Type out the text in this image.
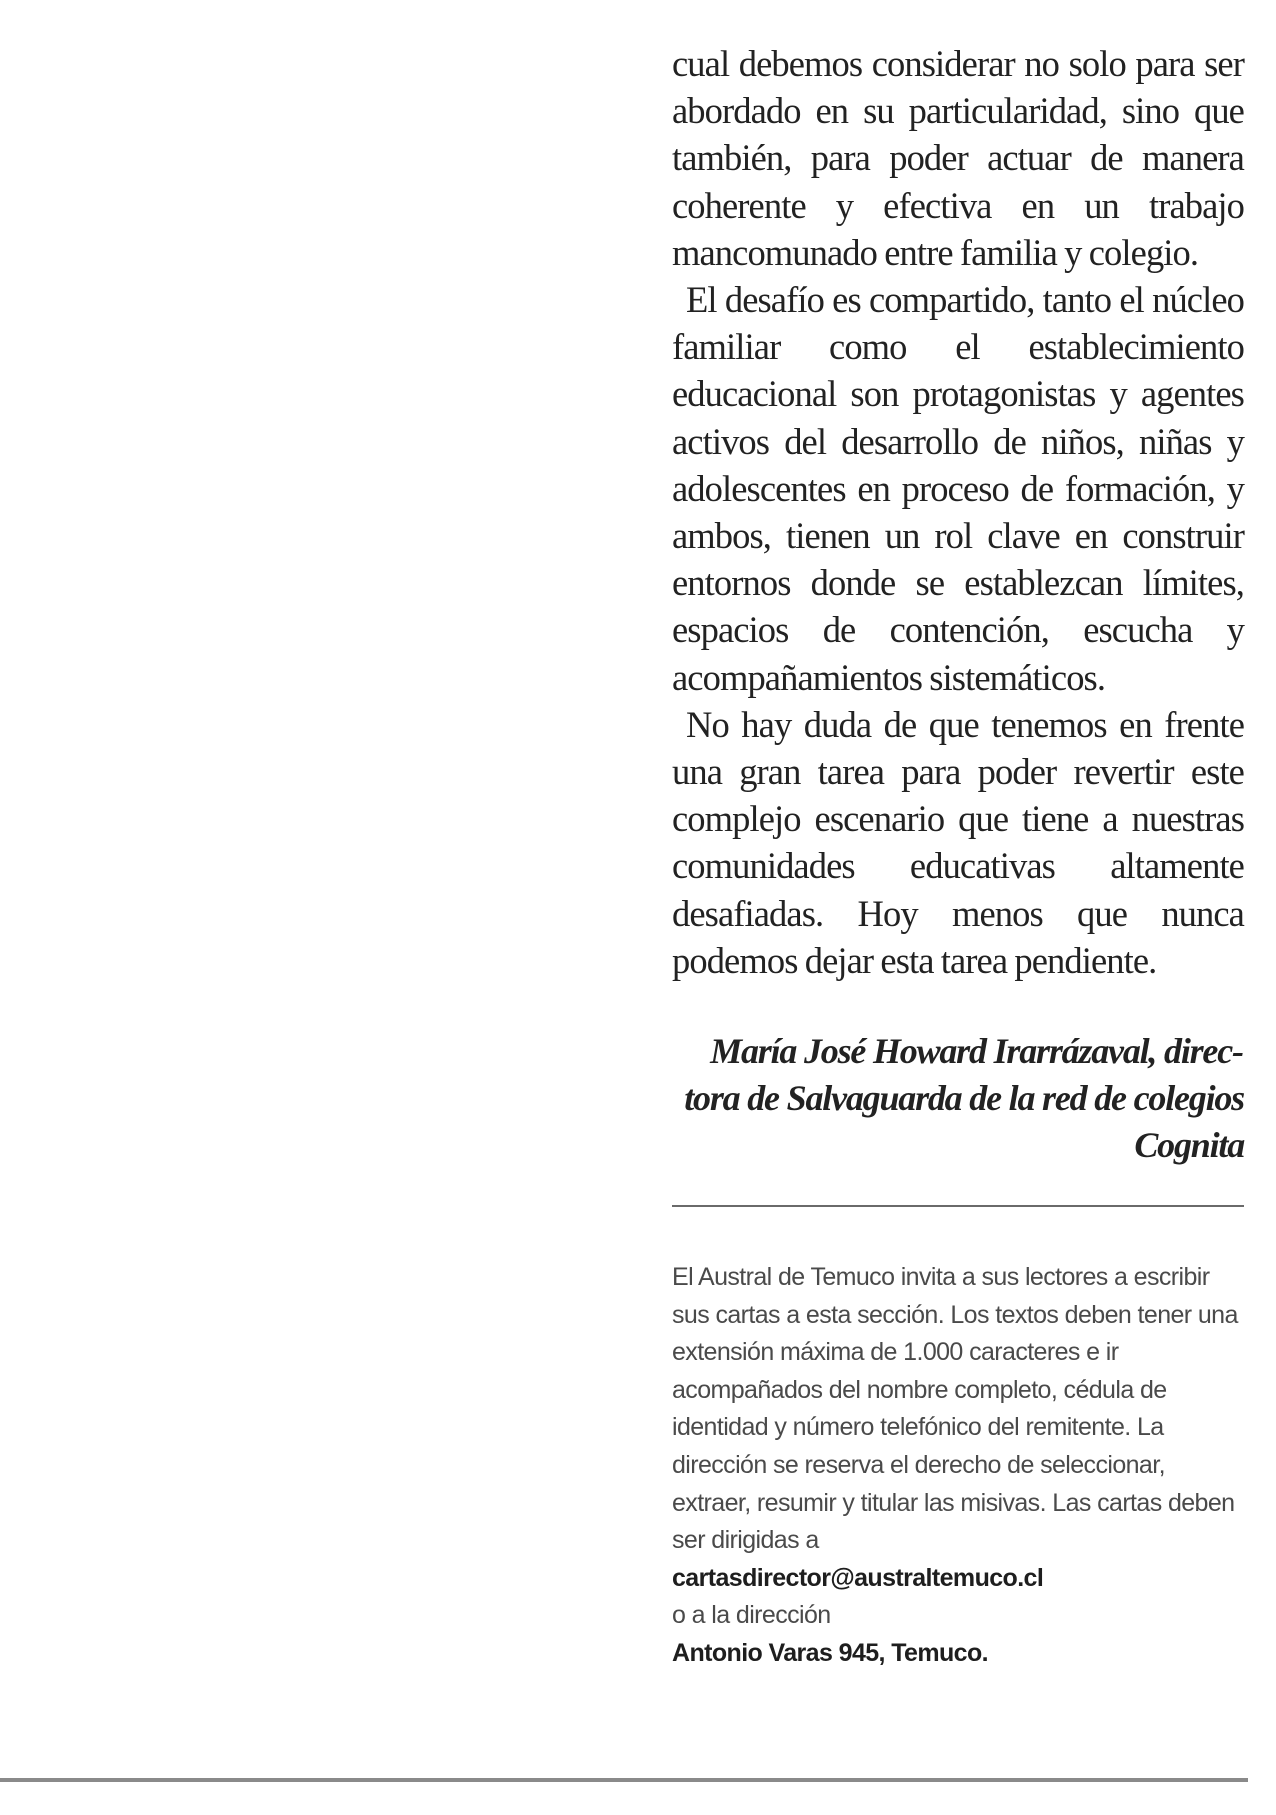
cual debemos considerar no solo para ser abordado en su particularidad, sino que también, para poder actuar de manera coherente y efectiva en un trabajo mancomunado entre familia y colegio.

El desafío es compartido, tanto el núcleo familiar como el establecimiento educacional son protagonistas y agentes activos del desarrollo de niños, niñas y adolescentes en proceso de formación, y ambos, tienen un rol clave en construir entornos donde se establezcan límites, espacios de contención, escucha y acompañamientos sistemáticos.

No hay duda de que tenemos en frente una gran tarea para poder revertir este complejo escenario que tiene a nuestras comunidades educativas altamente desafiadas. Hoy menos que nunca podemos dejar esta tarea pendiente.

María José Howard Irarrázaval, directora de Salvaguarda de la red de colegios Cognita

El Austral de Temuco invita a sus lectores a escribir sus cartas a esta sección. Los textos deben tener una extensión máxima de 1.000 caracteres e ir acompañados del nombre completo, cédula de identidad y número telefónico del remitente. La dirección se reserva el derecho de seleccionar, extraer, resumir y titular las misivas. Las cartas deben ser dirigidas a

cartasdirector@australtemuco.cl

o a la dirección

Antonio Varas 945, Temuco.
